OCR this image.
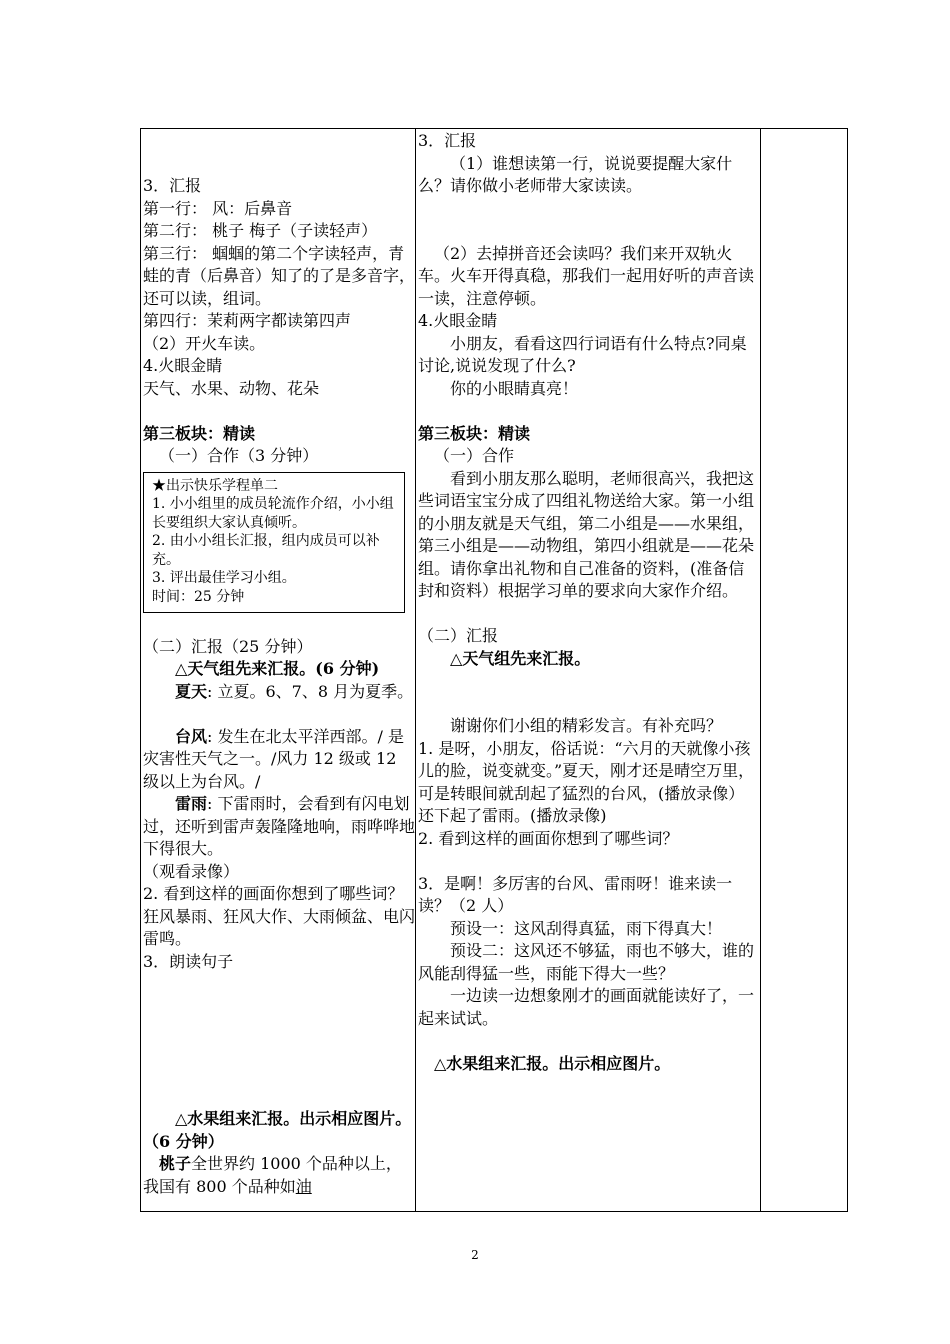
3．汇报

第一行： 风：后鼻音

第二行： 桃子 梅子（子读轻声）

第三行： 蝈蝈的第二个字读轻声，青蛙的青（后鼻音）知了的了是多音字，还可以读，组词。

第四行：茉莉两字都读第四声

（2）开火车读。

4.火眼金睛

天气、水果、动物、花朵

第三板块：精读

（一）合作（3 分钟）

★出示快乐学程单二

1. 小小组里的成员轮流作介绍，小小组长要组织大家认真倾听。

2. 由小小组长汇报，组内成员可以补充。

3. 评出最佳学习小组。

时间：25 分钟

（二）汇报（25 分钟）

△天气组先来汇报。(6 分钟)

夏天: 立夏。6、7、8 月为夏季。

台风: 发生在北太平洋西部。/ 是灾害性天气之一。/风力 12 级或 12 级以上为台风。/

雷雨: 下雷雨时，会看到有闪电划过，还听到雷声轰隆隆地响，雨哗哗地下得很大。

（观看录像）

2. 看到这样的画面你想到了哪些词？狂风暴雨、狂风大作、大雨倾盆、电闪雷鸣。

3．朗读句子

△水果组来汇报。出示相应图片。（6 分钟）

桃子全世界约 1000 个品种以上，我国有 800 个品种如油

3．汇报

（1）谁想读第一行，说说要提醒大家什么？请你做小老师带大家读读。

（2）去掉拼音还会读吗？我们来开双轨火车。火车开得真稳，那我们一起用好听的声音读一读，注意停顿。

4.火眼金睛

小朋友，看看这四行词语有什么特点?同桌讨论,说说发现了什么?

你的小眼睛真亮！

第三板块：精读

（一）合作

看到小朋友那么聪明，老师很高兴，我把这些词语宝宝分成了四组礼物送给大家。第一小组的小朋友就是天气组，第二小组是——水果组，第三小组是——动物组，第四小组就是——花朵组。请你拿出礼物和自己准备的资料，(准备信封和资料）根据学习单的要求向大家作介绍。

（二）汇报

△天气组先来汇报。

谢谢你们小组的精彩发言。有补充吗？

1. 是呀，小朋友，俗话说：“六月的天就像小孩儿的脸，说变就变。”夏天，刚才还是晴空万里，可是转眼间就刮起了猛烈的台风，(播放录像）还下起了雷雨。(播放录像)

2. 看到这样的画面你想到了哪些词？

3．是啊！多厉害的台风、雷雨呀！谁来读一读？（2 人）

预设一：这风刮得真猛，雨下得真大！

预设二：这风还不够猛，雨也不够大，谁的风能刮得猛一些，雨能下得大一些？

一边读一边想象刚才的画面就能读好了，一起来试试。

△水果组来汇报。出示相应图片。

2
